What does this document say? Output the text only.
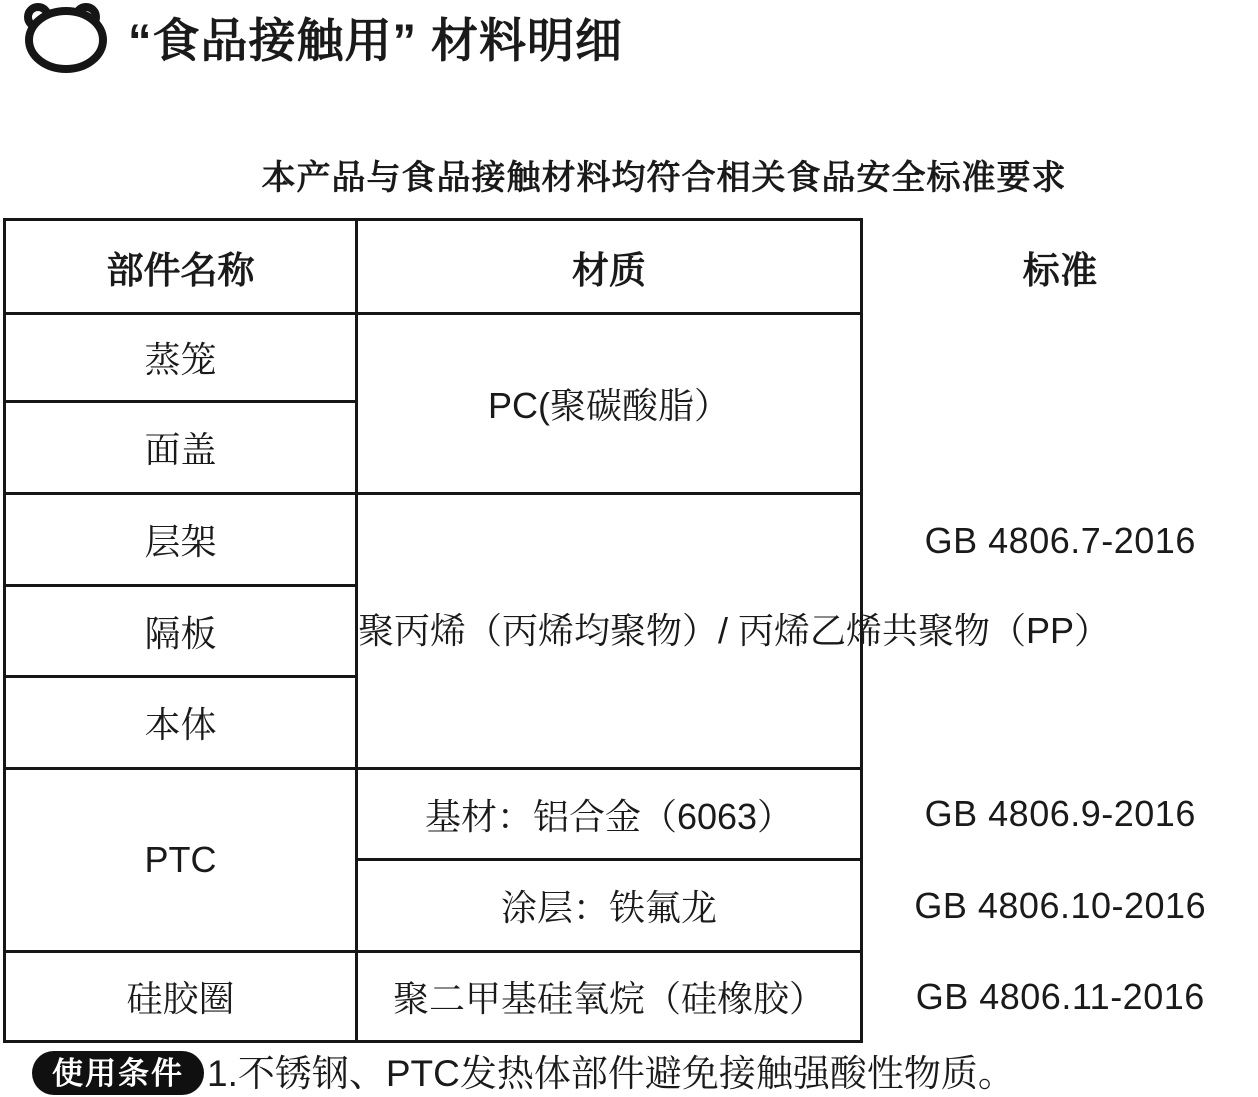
“食品接触用” 材料明细

本产品与食品接触材料均符合相关食品安全标准要求

部件名称	材质	标准
蒸笼	PC(聚碳酸脂）	GB 4806.7-2016
面盖		
层架	聚丙烯（丙烯均聚物）/ 丙烯乙烯共聚物（PP）	
隔板		
本体		
PTC	基材：铝合金（6063）	GB 4806.9-2016
	涂层：铁氟龙	GB 4806.10-2016
硅胶圈	聚二甲基硅氧烷（硅橡胶）	GB 4806.11-2016
使用条件 1.不锈钢、PTC发热体部件避免接触强酸性物质。
